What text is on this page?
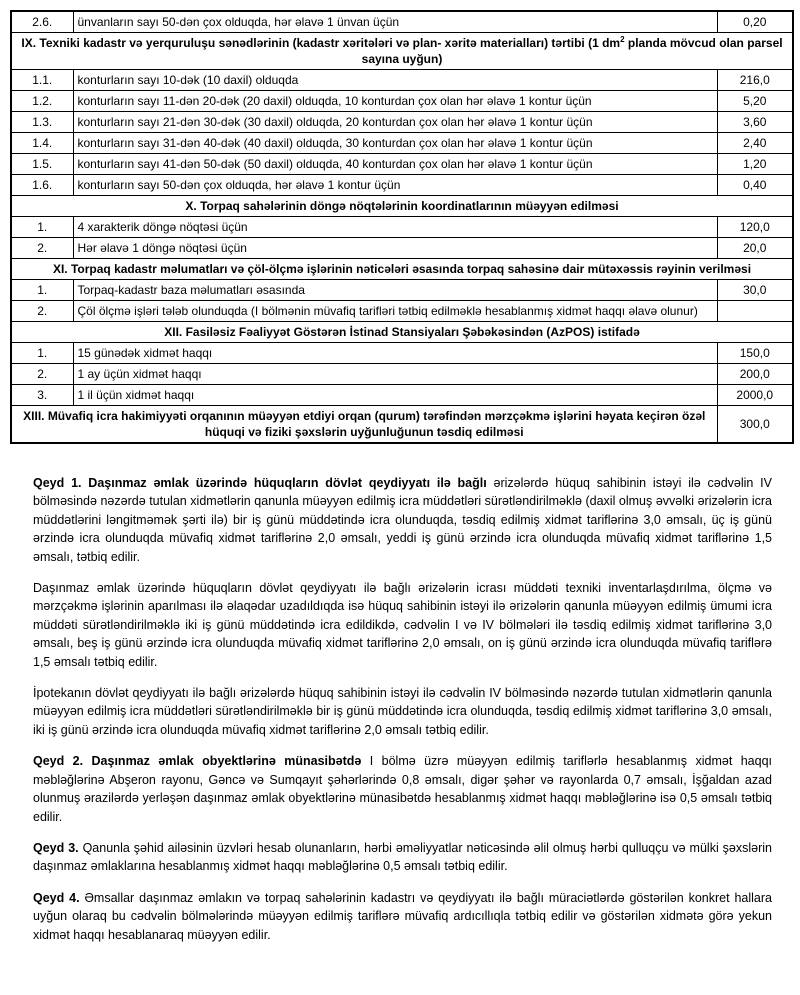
2.6.	ünvanların sayı 50-dən çox olduqda, hər əlavə 1 ünvan üçün	0,20
IX. Texniki kadastr və yerquruluşu sənədlərinin (kadastr xəritələri və plan- xəritə materialları) tərtibi (1 $dm^2$ planda mövcud olan parsel sayına uyğun)		
1.1.	konturların sayı 10-dək (10 daxil) olduqda	216,0
1.2.	konturların sayı 11-dən 20-dək (20 daxil) olduqda, 10 konturdan çox olan hər əlavə 1 kontur üçün	5,20
1.3.	konturların sayı 21-dən 30-dək (30 daxil) olduqda, 20 konturdan çox olan hər əlavə 1 kontur üçün	3,60
1.4.	konturların sayı 31-dən 40-dək (40 daxil) olduqda, 30 konturdan çox olan hər əlavə 1 kontur üçün	2,40
1.5.	konturların sayı 41-dən 50-dək (50 daxil) olduqda, 40 konturdan çox olan hər əlavə 1 kontur üçün	1,20
1.6.	konturların sayı 50-dən çox olduqda, hər əlavə 1 kontur üçün	0,40
X. Torpaq sahələrinin döngə nöqtələrinin koordinatlarının müəyyən edilməsi		
1.	4 xarakterik döngə nöqtəsi üçün	120,0
2.	Hər əlavə 1 döngə nöqtəsi üçün	20,0
XI. Torpaq kadastr məlumatları və çöl-ölçmə işlərinin nəticələri əsasında torpaq sahəsinə dair mütəxəssis rəyinin verilməsi		
1.	Torpaq-kadastr baza məlumatları əsasında	30,0
2.	Çöl ölçmə işləri tələb olunduqda (I bölmənin müvafiq tarifləri tətbiq edilməklə hesablanmış xidmət haqqı əlavə olunur)	
XII. Fasiləsiz Fəaliyyət Göstərən İstinad Stansiyaları Şəbəkəsindən (AzPOS) istifadə		
1.	15 günədək xidmət haqqı	150,0
2.	1 ay üçün xidmət haqqı	200,0
3.	1 il üçün xidmət haqqı	2000,0
XIII. Müvafiq icra hakimiyyəti orqanının müəyyən etdiyi orqan (qurum) tərəfindən mərzçəkmə işlərini həyata keçirən özəl hüquqi və fiziki şəxslərin uyğunluğunun təsdiq edilməsi		300,0

Qeyd 1. Daşınmaz əmlak üzərində hüquqların dövlət qeydiyyatı ilə bağlı ərizələrdə hüquq sahibinin istəyi ilə cədvəlin IV bölməsində nəzərdə tutulan xidmətlərin qanunla müəyyən edilmiş icra müddətləri sürətləndirilməklə (daxil olmuş əvvəlki ərizələrin icra müddətlərini ləngitməmək şərti ilə) bir iş günü müddətində icra olunduqda, təsdiq edilmiş xidmət tariflərinə 3,0 əmsalı, üç iş günü ərzində icra olunduqda müvafiq xidmət tariflərinə 2,0 əmsalı, yeddi iş günü ərzində icra olunduqda müvafiq xidmət tariflərinə 1,5 əmsalı, tətbiq edilir.

Daşınmaz əmlak üzərində hüquqların dövlət qeydiyyatı ilə bağlı ərizələrin icrası müddəti texniki inventarlaşdırılma, ölçmə və mərzçəkmə işlərinin aparılması ilə əlaqədar uzadıldıqda isə hüquq sahibinin istəyi ilə ərizələrin qanunla müəyyən edilmiş ümumi icra müddəti sürətləndirilməklə iki iş günü müddətində icra edildikdə, cədvəlin I və IV bölmələri ilə təsdiq edilmiş xidmət tariflərinə 3,0 əmsalı, beş iş günü ərzində icra olunduqda müvafiq xidmət tariflərinə 2,0 əmsalı, on iş günü ərzində icra olunduqda müvafiq tariflərə 1,5 əmsalı tətbiq edilir.

İpotekanın dövlət qeydiyyatı ilə bağlı ərizələrdə hüquq sahibinin istəyi ilə cədvəlin IV bölməsində nəzərdə tutulan xidmətlərin qanunla müəyyən edilmiş icra müddətləri sürətləndirilməklə bir iş günü müddətində icra olunduqda, təsdiq edilmiş xidmət tariflərinə 3,0 əmsalı, iki iş günü ərzində icra olunduqda müvafiq xidmət tariflərinə 2,0 əmsalı tətbiq edilir.

Qeyd 2. Daşınmaz əmlak obyektlərinə münasibətdə I bölmə üzrə müəyyən edilmiş tariflərlə hesablanmış xidmət haqqı məbləğlərinə Abşeron rayonu, Gəncə və Sumqayıt şəhərlərində 0,8 əmsalı, digər şəhər və rayonlarda 0,7 əmsalı, İşğaldan azad olunmuş ərazilərdə yerləşən daşınmaz əmlak obyektlərinə münasibətdə hesablanmış xidmət haqqı məbləğlərinə isə 0,5 əmsalı tətbiq edilir.

Qeyd 3. Qanunla şəhid ailəsinin üzvləri hesab olunanların, hərbi əməliyyatlar nəticəsində əlil olmuş hərbi qulluqçu və mülki şəxslərin daşınmaz əmlaklarına hesablanmış xidmət haqqı məbləğlərinə 0,5 əmsalı tətbiq edilir.

Qeyd 4. Əmsallar daşınmaz əmlakın və torpaq sahələrinin kadastrı və qeydiyyatı ilə bağlı müraciətlərdə göstərilən konkret hallara uyğun olaraq bu cədvəlin bölmələrində müəyyən edilmiş tariflərə müvafiq ardıcıllıqla tətbiq edilir və göstərilən xidmətə görə yekun xidmət haqqı hesablanaraq müəyyən edilir.
